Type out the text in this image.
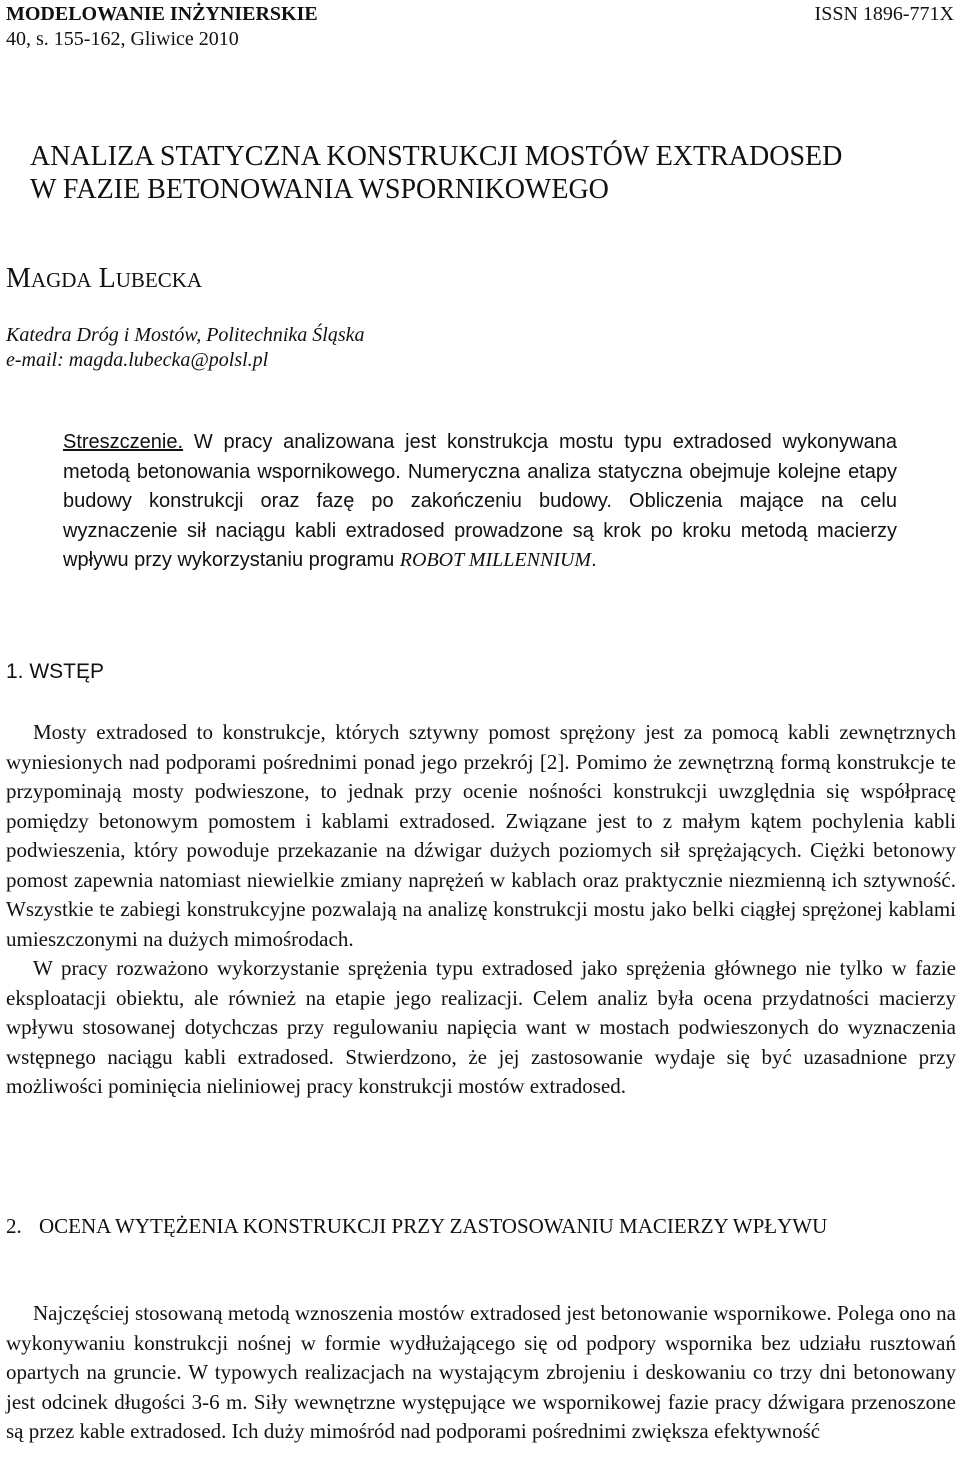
MODELOWANIE INŻYNIERSKIE
40, s. 155-162, Gliwice 2010
ISSN 1896-771X
ANALIZA STATYCZNA KONSTRUKCJI MOSTÓW EXTRADOSED
W FAZIE BETONOWANIA WSPORNIKOWEGO
MAGDA LUBECKA
Katedra Dróg i Mostów, Politechnika Śląska
e-mail: magda.lubecka@polsl.pl
Streszczenie. W pracy analizowana jest konstrukcja mostu typu extradosed wykonywana metodą betonowania wspornikowego. Numeryczna analiza statyczna obejmuje kolejne etapy budowy konstrukcji oraz fazę po zakończeniu budowy. Obliczenia mające na celu wyznaczenie sił naciągu kabli extradosed prowadzone są krok po kroku metodą macierzy wpływu przy wykorzystaniu programu ROBOT MILLENNIUM.
1. WSTĘP

Mosty extradosed to konstrukcje, których sztywny pomost sprężony jest za pomocą kabli zewnętrznych wyniesionych nad podporami pośrednimi ponad jego przekrój [2]. Pomimo że zewnętrzną formą konstrukcje te przypominają mosty podwieszone, to jednak przy ocenie nośności konstrukcji uwzględnia się współpracę pomiędzy betonowym pomostem i kablami extradosed. Związane jest to z małym kątem pochylenia kabli podwieszenia, który powoduje przekazanie na dźwigar dużych poziomych sił sprężających. Ciężki betonowy pomost zapewnia natomiast niewielkie zmiany naprężeń w kablach oraz praktycznie niezmienną ich sztywność. Wszystkie te zabiegi konstrukcyjne pozwalają na analizę konstrukcji mostu jako belki ciągłej sprężonej kablami umieszczonymi na dużych mimośrodach.

W pracy rozważono wykorzystanie sprężenia typu extradosed jako sprężenia głównego nie tylko w fazie eksploatacji obiektu, ale również na etapie jego realizacji. Celem analiz była ocena przydatności macierzy wpływu stosowanej dotychczas przy regulowaniu napięcia want w mostach podwieszonych do wyznaczenia wstępnego naciągu kabli extradosed. Stwierdzono, że jej zastosowanie wydaje się być uzasadnione przy możliwości pominięcia nieliniowej pracy konstrukcji mostów extradosed.

2. OCENA WYTĘŻENIA KONSTRUKCJI PRZY ZASTOSOWANIU MACIERZY WPŁYWU

Najczęściej stosowaną metodą wznoszenia mostów extradosed jest betonowanie wspornikowe. Polega ono na wykonywaniu konstrukcji nośnej w formie wydłużającego się od podpory wspornika bez udziału rusztowań opartych na gruncie. W typowych realizacjach na wystającym zbrojeniu i deskowaniu co trzy dni betonowany jest odcinek długości 3-6 m. Siły wewnętrzne występujące we wspornikowej fazie pracy dźwigara przenoszone są przez kable extradosed. Ich duży mimośród nad podporami pośrednimi zwiększa efektywność
